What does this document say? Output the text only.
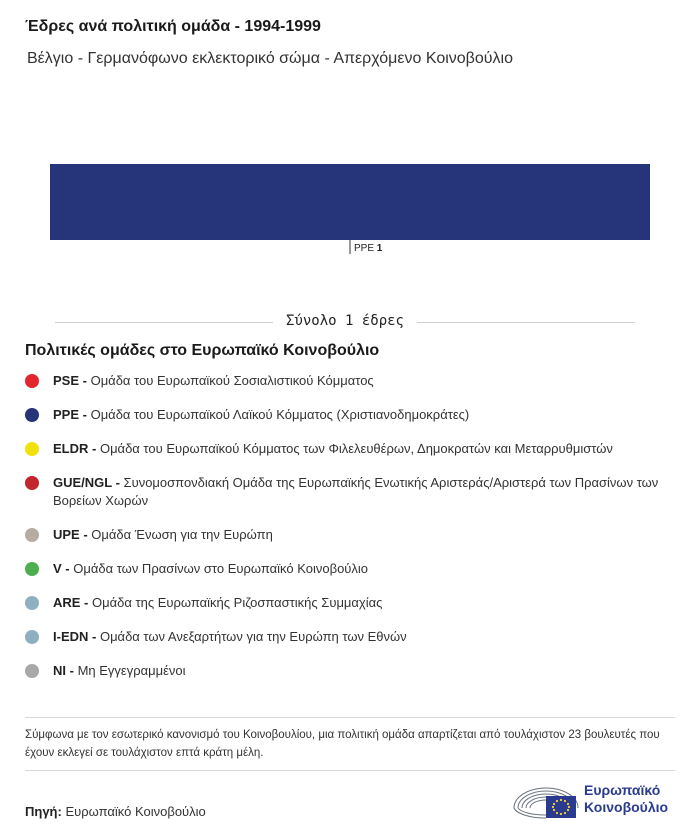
Έδρες ανά πολιτική ομάδα - 1994-1999
Βέλγιο - Γερμανόφωνο εκλεκτορικό σώμα - Απερχόμενο Κοινοβούλιο
PPE 1
Σύνολο 1 έδρες
Πολιτικές ομάδες στο Ευρωπαϊκό Κοινοβούλιο
PSE - Ομάδα του Ευρωπαϊκού Σοσιαλιστικού Κόμματος
PPE - Ομάδα του Ευρωπαϊκού Λαϊκού Κόμματος (Χριστιανοδημοκράτες)
ELDR - Ομάδα του Ευρωπαϊκού Κόμματος των Φιλελευθέρων, Δημοκρατών και Μεταρρυθμιστών
GUE/NGL - Συνομοσπονδιακή Ομάδα της Ευρωπαϊκής Ενωτικής Αριστεράς/Αριστερά των Πρασίνων των Βορείων Χωρών
UPE - Ομάδα Ένωση για την Ευρώπη
V - Ομάδα των Πρασίνων στο Ευρωπαϊκό Κοινοβούλιο
ARE - Ομάδα της Ευρωπαϊκής Ριζοσπαστικής Συμμαχίας
I-EDN - Ομάδα των Ανεξαρτήτων για την Ευρώπη των Εθνών
NI - Μη Εγγεγραμμένοι
Σύμφωνα με τον εσωτερικό κανονισμό του Κοινοβουλίου, μια πολιτική ομάδα απαρτίζεται από τουλάχιστον 23 βουλευτές που έχουν εκλεγεί σε τουλάχιστον επτά κράτη μέλη.
Πηγή: Ευρωπαϊκό Κοινοβούλιο
Ευρωπαϊκό
Κοινοβούλιο
